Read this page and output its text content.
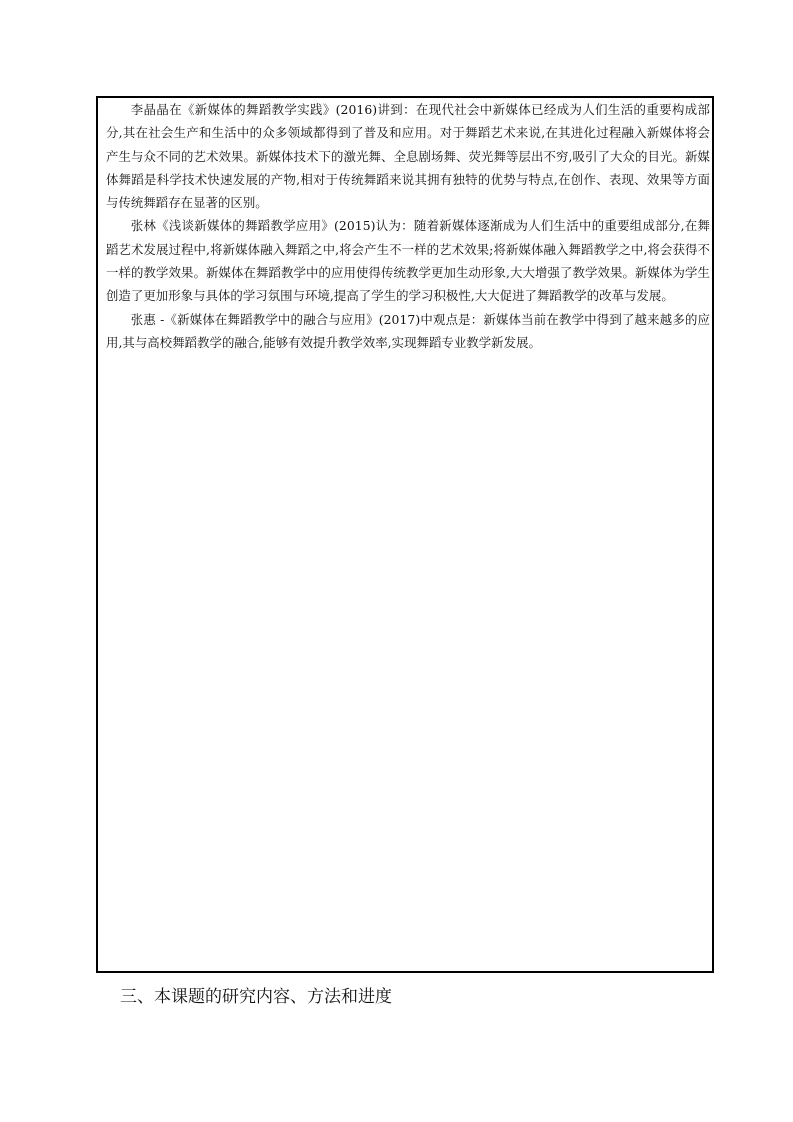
李晶晶在《新媒体的舞蹈教学实践》(2016)讲到：在现代社会中新媒体已经成为人们生活的重要构成部分,其在社会生产和生活中的众多领域都得到了普及和应用。对于舞蹈艺术来说,在其进化过程融入新媒体将会产生与众不同的艺术效果。新媒体技术下的激光舞、全息剧场舞、荧光舞等层出不穷,吸引了大众的目光。新媒体舞蹈是科学技术快速发展的产物,相对于传统舞蹈来说其拥有独特的优势与特点,在创作、表现、效果等方面与传统舞蹈存在显著的区别。

张林《浅谈新媒体的舞蹈教学应用》(2015)认为：随着新媒体逐渐成为人们生活中的重要组成部分,在舞蹈艺术发展过程中,将新媒体融入舞蹈之中,将会产生不一样的艺术效果;将新媒体融入舞蹈教学之中,将会获得不一样的教学效果。新媒体在舞蹈教学中的应用使得传统教学更加生动形象,大大增强了教学效果。新媒体为学生创造了更加形象与具体的学习氛围与环境,提高了学生的学习积极性,大大促进了舞蹈教学的改革与发展。

张惠 -《新媒体在舞蹈教学中的融合与应用》(2017)中观点是：新媒体当前在教学中得到了越来越多的应用,其与高校舞蹈教学的融合,能够有效提升教学效率,实现舞蹈专业教学新发展。

三、本课题的研究内容、方法和进度
